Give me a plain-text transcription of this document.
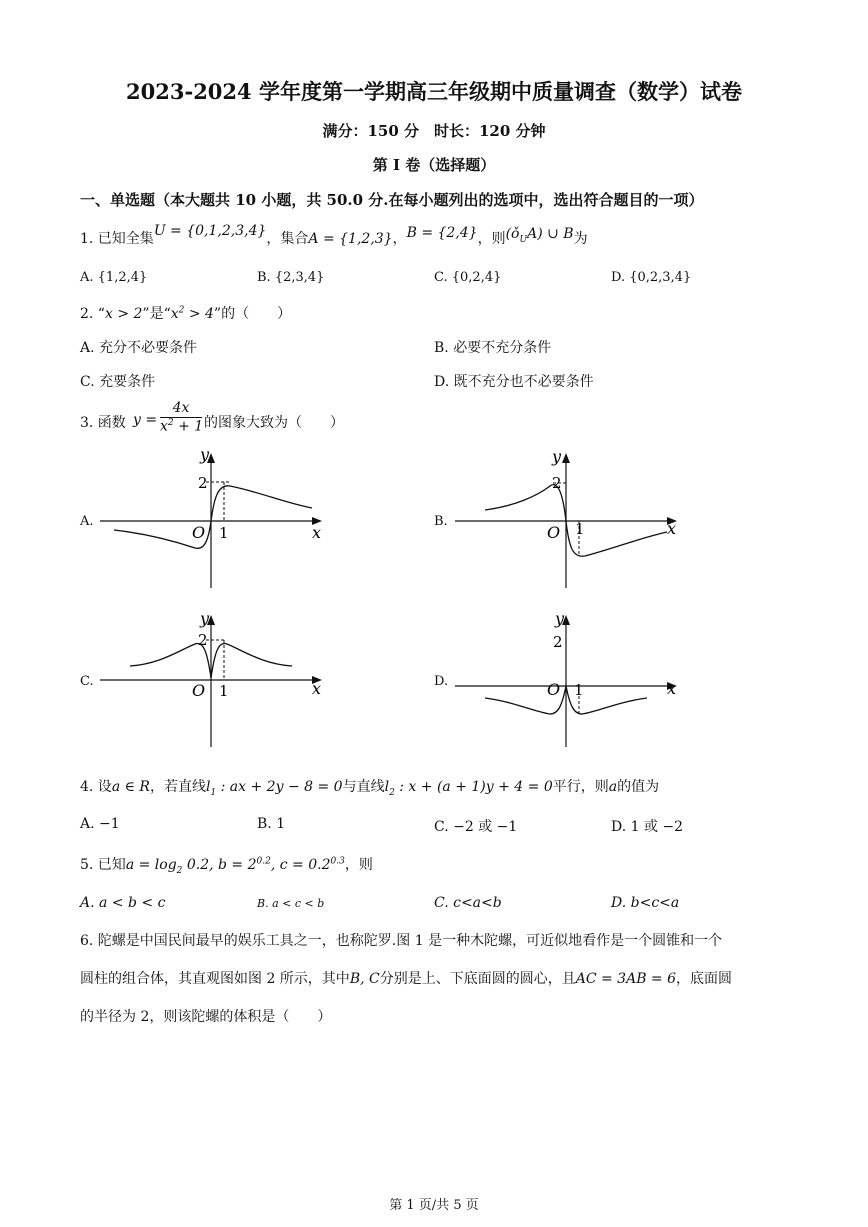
2023-2024 学年度第一学期高三年级期中质量调查（数学）试卷
满分：150 分　时长：120 分钟
第 I 卷（选择题）
一、单选题（本大题共 10 小题，共 50.0 分.在每小题列出的选项中，选出符合题目的一项）
1. 已知全集U = {0,1,2,3,4}，集合A = {1,2,3}，B = {2,4}，则$(ǒ_UA)$ ∪ B为
A. {1,2,4}	B. {2,3,4}	C. {0,2,4}	D. {0,2,3,4}
2. “x > 2”是“$x^2 > 4$”的（　　）
A. 充分不必要条件	B. 必要不充分条件
C. 充要条件	D. 既不充分也不必要条件
3. 函数 $y = \frac{4x}{x^2 + 1}$ 的图象大致为（　　）
A.	B.
C.	D.
y
2
O 1	x
y
2
O 1	x
y
2
O 1	x
y
2
O 1	x
4. 设a ∈ R，若直线$l_1$ : ax + 2y − 8 = 0与直线$l_2$ : x + (a + 1)y + 4 = 0平行，则a的值为
A. −1	B. 1	C. −2 或 −1	D. 1 或 −2
5. 已知$a = \log_2 0.2$, $b = 2^{0.2}$, $c = 0.2^{0.3}$，则
A. a < b < c	B. a < c < b	C. c<a<b	D. b<c<a
6. 陀螺是中国民间最早的娱乐工具之一，也称陀罗.图 1 是一种木陀螺，可近似地看作是一个圆锥和一个
圆柱的组合体，其直观图如图 2 所示，其中B, C分别是上、下底面圆的圆心，且AC = 3AB = 6，底面圆
的半径为 2，则该陀螺的体积是（　　）
第 1 页/共 5 页
